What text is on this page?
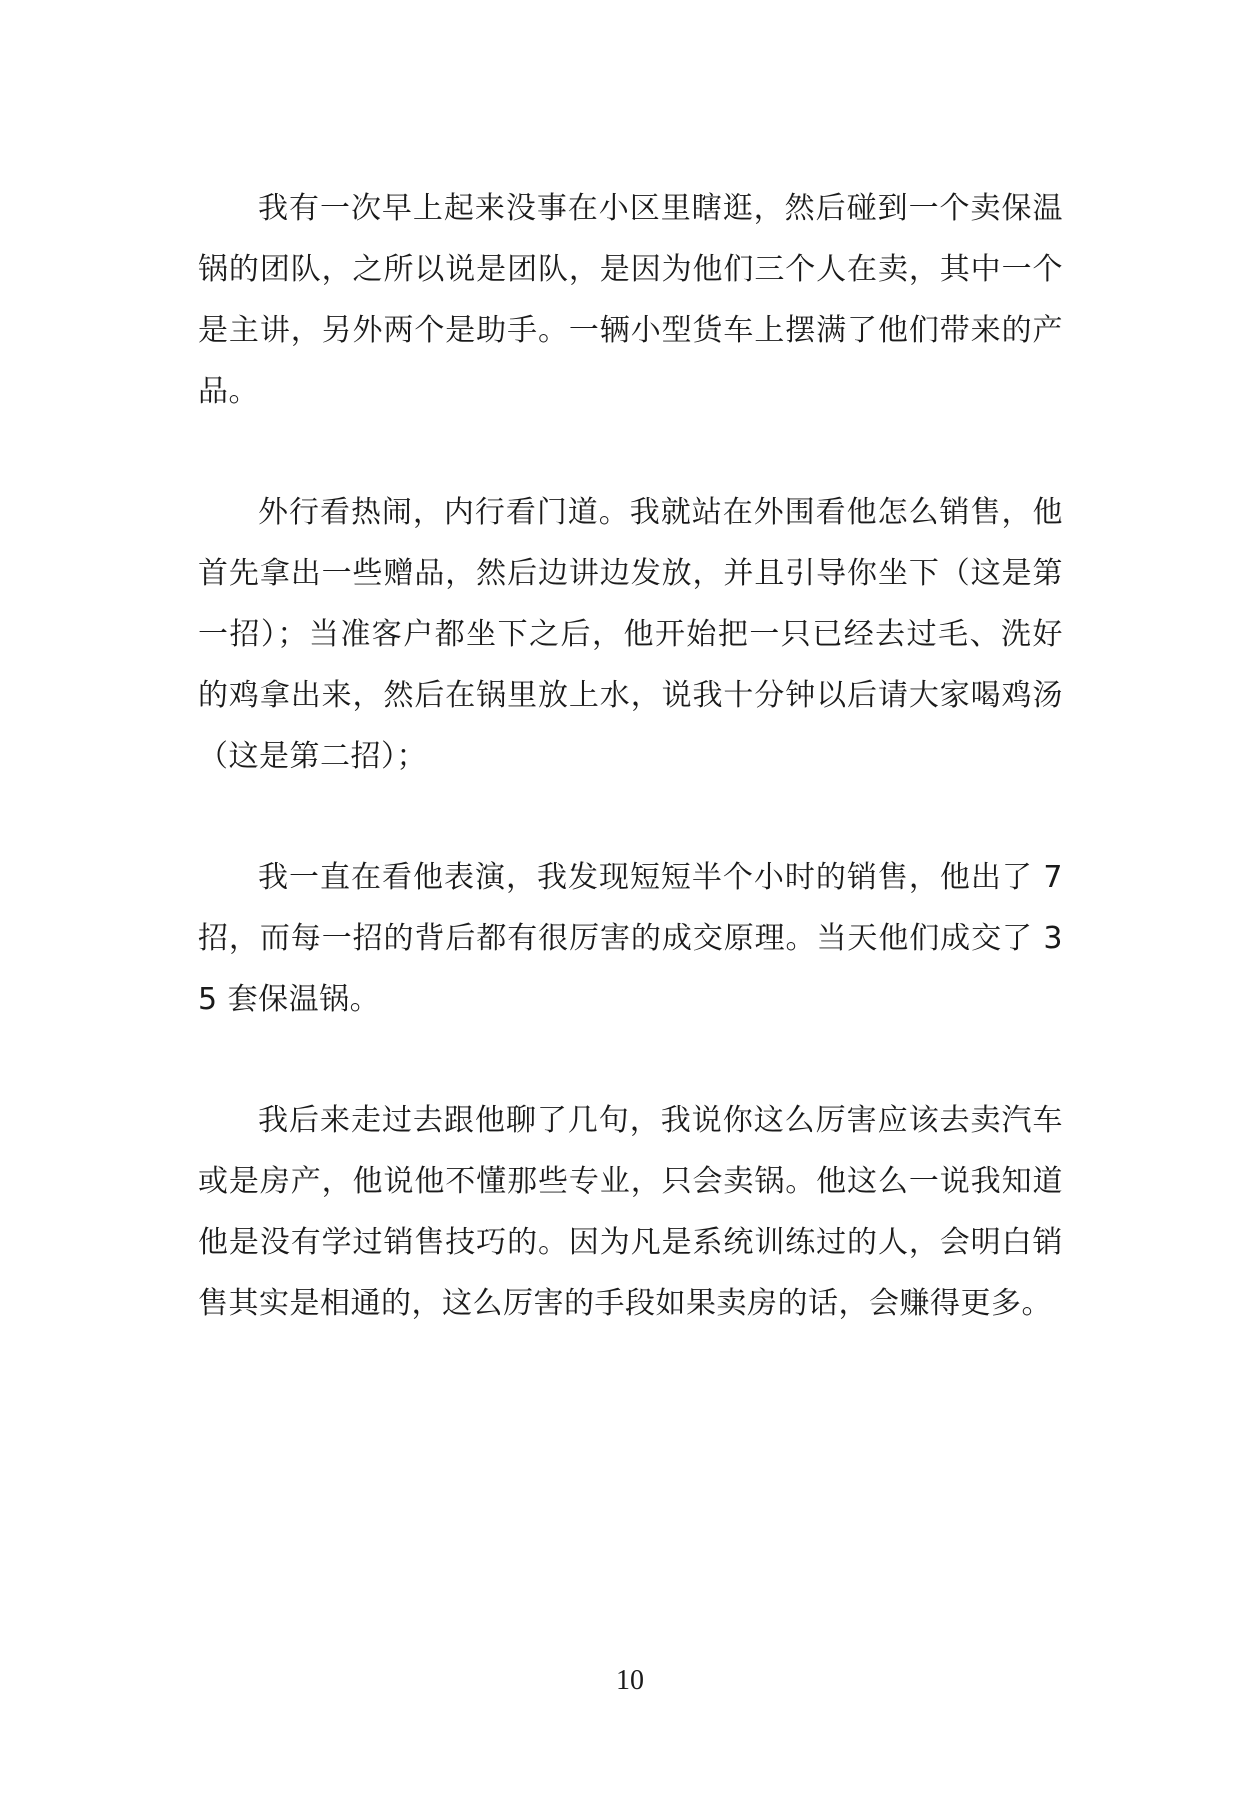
我有一次早上起来没事在小区里瞎逛，然后碰到一个卖保温锅的团队，之所以说是团队，是因为他们三个人在卖，其中一个是主讲，另外两个是助手。一辆小型货车上摆满了他们带来的产品。

外行看热闹，内行看门道。我就站在外围看他怎么销售，他首先拿出一些赠品，然后边讲边发放，并且引导你坐下（这是第一招）；当准客户都坐下之后，他开始把一只已经去过毛、洗好的鸡拿出来，然后在锅里放上水，说我十分钟以后请大家喝鸡汤（这是第二招）；

我一直在看他表演，我发现短短半个小时的销售，他出了 7 招，而每一招的背后都有很厉害的成交原理。当天他们成交了 35 套保温锅。

我后来走过去跟他聊了几句，我说你这么厉害应该去卖汽车或是房产，他说他不懂那些专业，只会卖锅。他这么一说我知道他是没有学过销售技巧的。因为凡是系统训练过的人，会明白销售其实是相通的，这么厉害的手段如果卖房的话，会赚得更多。

10
